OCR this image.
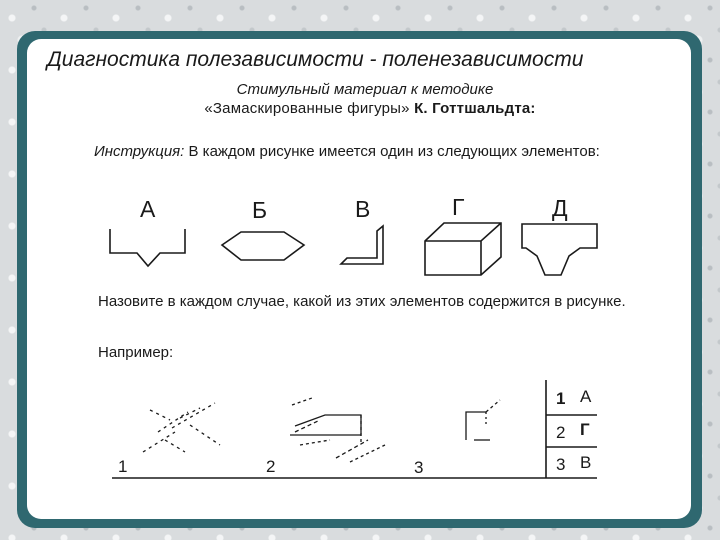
Диагностика полезависимости - поленезависимости
Стимульный материал к методике
«Замаскированные фигуры» К. Готтшальдта:
Инструкция: В каждом рисунке имеется один из следующих элементов:
А	Б	В	Г	Д
Назовите в каждом случае, какой из этих элементов содержится в рисунке.
Например:
1	2	3
1 А
2 Г
3 В
